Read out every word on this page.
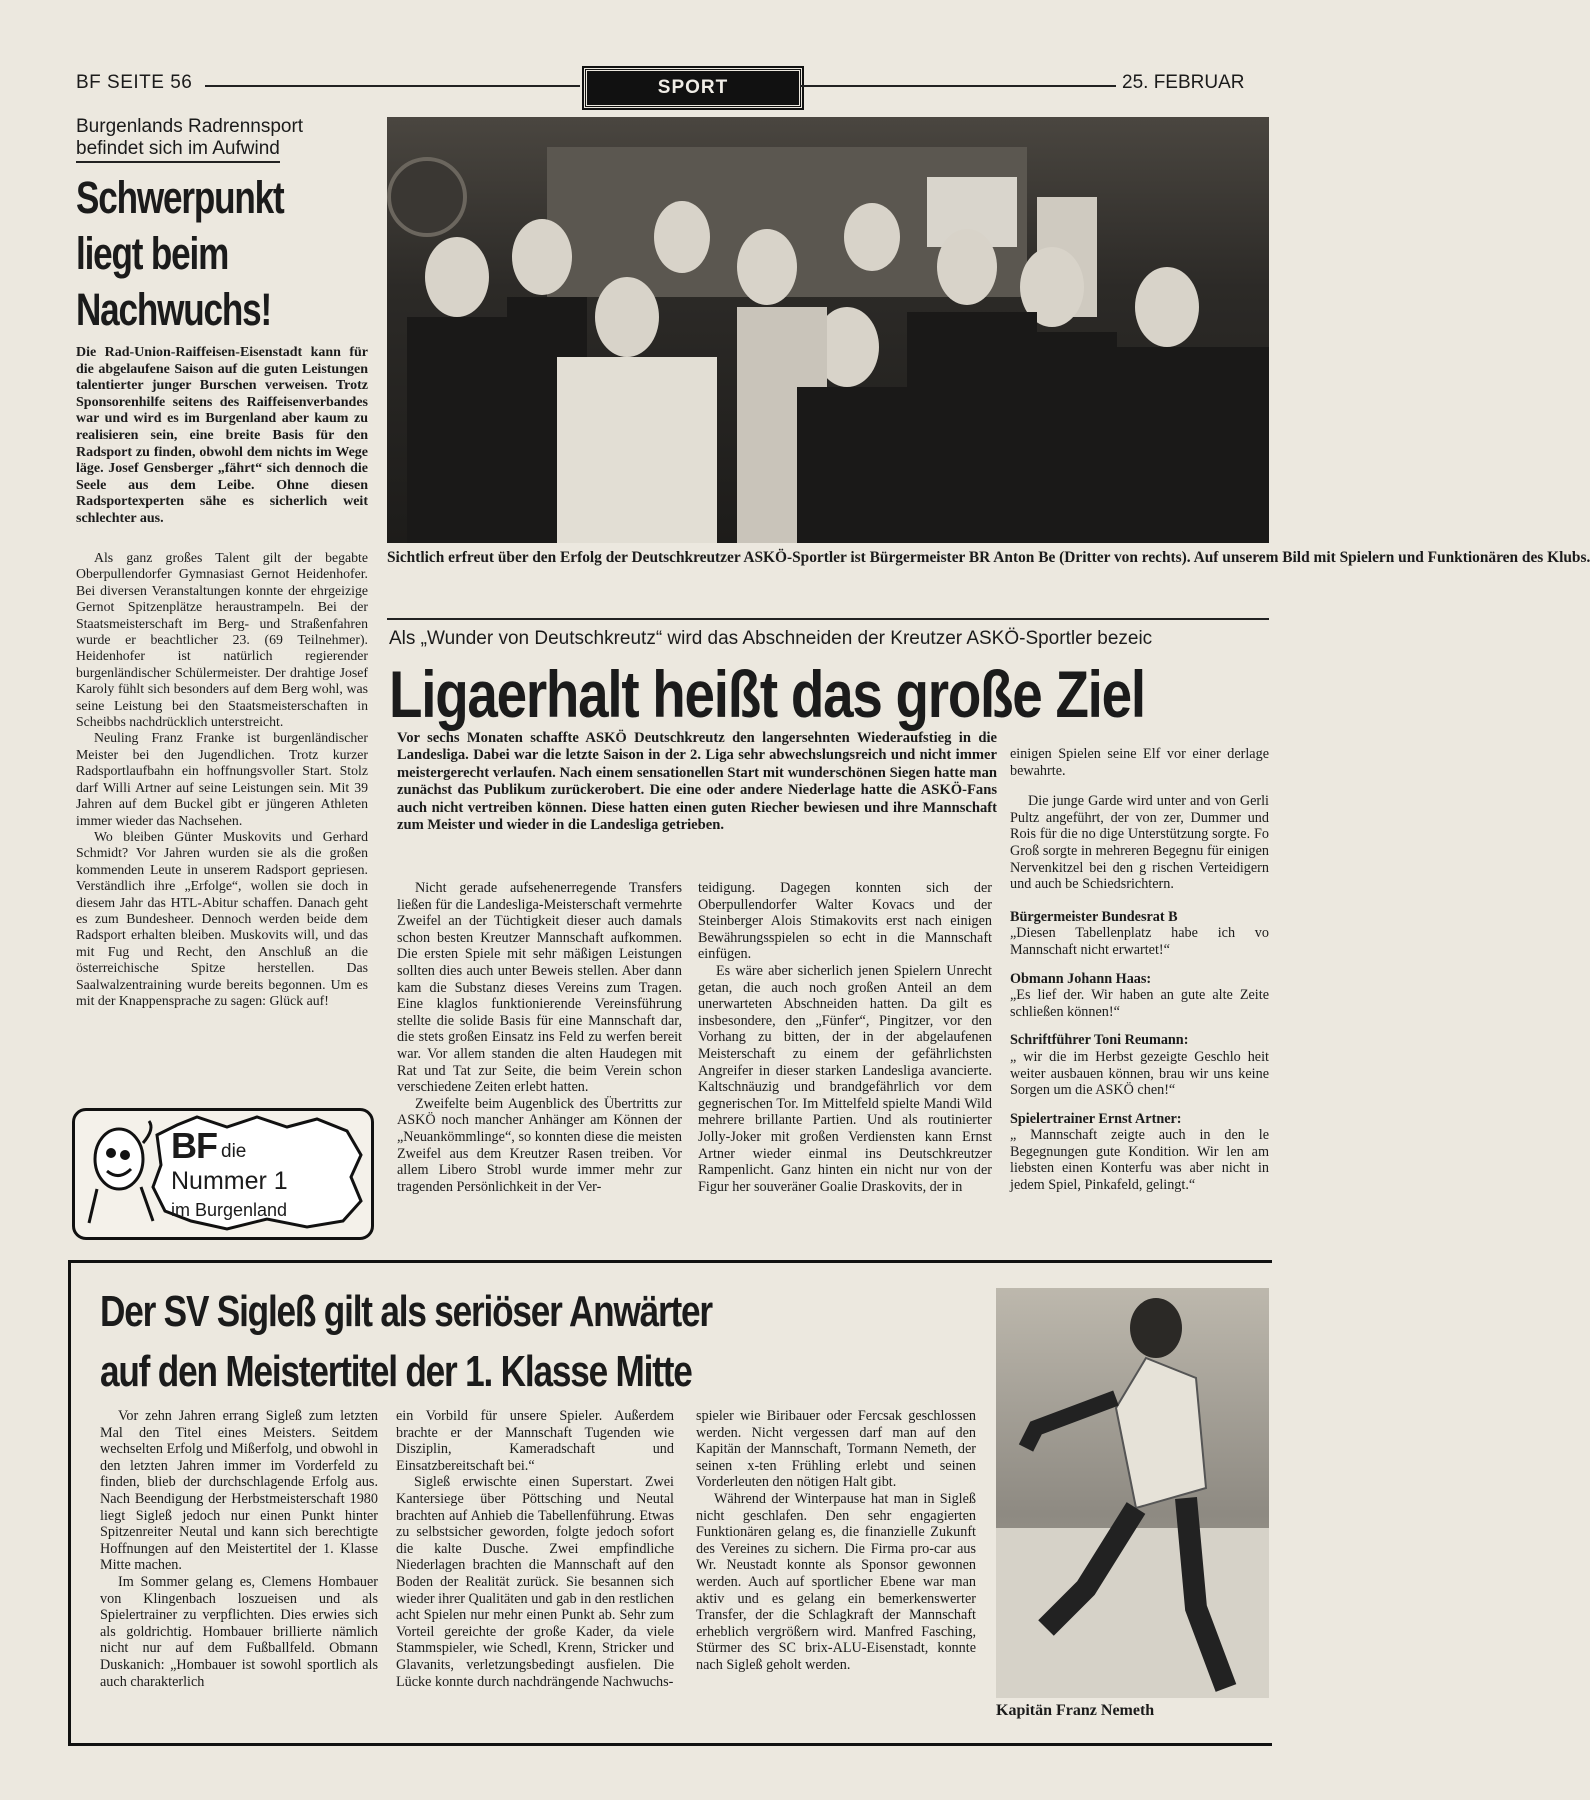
BF SEITE 56	SPORT	25. FEBRUAR
Burgenlands Radrennsport
befindet sich im Aufwind
Schwerpunkt
liegt beim
Nachwuchs!
Die Rad-Union-Raiffeisen-Eisenstadt kann für die abgelaufene Saison auf die guten Leistungen talentierter junger Burschen verweisen. Trotz Sponsorenhilfe seitens des Raiffeisenverbandes war und wird es im Burgenland aber kaum zu realisieren sein, eine breite Basis für den Radsport zu finden, obwohl dem nichts im Wege läge. Josef Gensberger „fährt“ sich dennoch die Seele aus dem Leibe. Ohne diesen Radsportexperten sähe es sicherlich weit schlechter aus.

Als ganz großes Talent gilt der begabte Oberpullendorfer Gymnasiast Gernot Heidenhofer. Bei diversen Veranstaltungen konnte der ehrgeizige Gernot Spitzenplätze heraustrampeln. Bei der Staatsmeisterschaft im Berg- und Straßenfahren wurde er beachtlicher 23. (69 Teilnehmer). Heidenhofer ist natürlich regierender burgenländischer Schülermeister. Der drahtige Josef Karoly fühlt sich besonders auf dem Berg wohl, was seine Leistung bei den Staatsmeisterschaften in Scheibbs nachdrücklich unterstreicht.

Neuling Franz Franke ist burgenländischer Meister bei den Jugendlichen. Trotz kurzer Radsportlaufbahn ein hoffnungsvoller Start. Stolz darf Willi Artner auf seine Leistungen sein. Mit 39 Jahren auf dem Buckel gibt er jüngeren Athleten immer wieder das Nachsehen.

Wo bleiben Günter Muskovits und Gerhard Schmidt? Vor Jahren wurden sie als die großen kommenden Leute in unserem Radsport gepriesen. Verständlich ihre „Erfolge“, wollen sie doch in diesem Jahr das HTL-Abitur schaffen. Danach geht es zum Bundesheer. Dennoch werden beide dem Radsport erhalten bleiben. Muskovits will, und das mit Fug und Recht, den Anschluß an die österreichische Spitze herstellen. Das Saalwalzentraining wurde bereits begonnen. Um es mit der Knappensprache zu sagen: Glück auf!

BF die
Nummer 1
im Burgenland
Sichtlich erfreut über den Erfolg der Deutschkreutzer ASKÖ-Sportler ist Bürgermeister BR Anton Be (Dritter von rechts). Auf unserem Bild mit Spielern und Funktionären des Klubs.
Als „Wunder von Deutschkreutz“ wird das Abschneiden der Kreutzer ASKÖ-Sportler bezeic
Ligaerhalt heißt das große Ziel
Vor sechs Monaten schaffte ASKÖ Deutschkreutz den langersehnten Wiederaufstieg in die Landesliga. Dabei war die letzte Saison in der 2. Liga sehr abwechslungsreich und nicht immer meistergerecht verlaufen. Nach einem sensationellen Start mit wunderschönen Siegen hatte man zunächst das Publikum zurückerobert. Die eine oder andere Niederlage hatte die ASKÖ-Fans auch nicht vertreiben können. Diese hatten einen guten Riecher bewiesen und ihre Mannschaft zum Meister und wieder in die Landesliga getrieben.

Nicht gerade aufsehenerregende Transfers ließen für die Landesliga-Meisterschaft vermehrte Zweifel an der Tüchtigkeit dieser auch damals schon besten Kreutzer Mannschaft aufkommen. Die ersten Spiele mit sehr mäßigen Leistungen sollten dies auch unter Beweis stellen. Aber dann kam die Substanz dieses Vereins zum Tragen. Eine klaglos funktionierende Vereinsführung stellte die solide Basis für eine Mannschaft dar, die stets großen Einsatz ins Feld zu werfen bereit war. Vor allem standen die alten Haudegen mit Rat und Tat zur Seite, die beim Verein schon verschiedene Zeiten erlebt hatten.

Zweifelte beim Augenblick des Übertritts zur ASKÖ noch mancher Anhänger am Können der „Neuankömmlinge“, so konnten diese die meisten Zweifel aus dem Kreutzer Rasen treiben. Vor allem Libero Strobl wurde immer mehr zur tragenden Persönlichkeit in der Ver-

teidigung. Dagegen konnten sich der Oberpullendorfer Walter Kovacs und der Steinberger Alois Stimakovits erst nach einigen Bewährungsspielen so echt in die Mannschaft einfügen.

Es wäre aber sicherlich jenen Spielern Unrecht getan, die auch noch großen Anteil an dem unerwarteten Abschneiden hatten. Da gilt es insbesondere, den „Fünfer“, Pingitzer, vor den Vorhang zu bitten, der in der abgelaufenen Meisterschaft zu einem der gefährlichsten Angreifer in dieser starken Landesliga avancierte. Kaltschnäuzig und brandgefährlich vor dem gegnerischen Tor. Im Mittelfeld spielte Mandi Wild mehrere brillante Partien. Und als routinierter Jolly-Joker mit großen Verdiensten kann Ernst Artner wieder einmal ins Deutschkreutzer Rampenlicht. Ganz hinten ein nicht nur von der Figur her souveräner Goalie Draskovits, der in

einigen Spielen seine Elf vor einer derlage bewahrte.

Die junge Garde wird unter and von Gerli Pultz angeführt, der von zer, Dummer und Rois für die no dige Unterstützung sorgte. Fo Groß sorgte in mehreren Begegnu für einigen Nervenkitzel bei den g rischen Verteidigern und auch be Schiedsrichtern.

Bürgermeister Bundesrat B
„Diesen Tabellenplatz habe ich vo Mannschaft nicht erwartet!“
Obmann Johann Haas:
„Es lief der. Wir haben an gute alte Zeite schließen können!“
Schriftführer Toni Reumann:
„ wir die im Herbst gezeigte Geschlo heit weiter ausbauen können, brau wir uns keine Sorgen um die ASKÖ chen!“
Spielertrainer Ernst Artner:
„ Mannschaft zeigte auch in den le Begegnungen gute Kondition. Wir len am liebsten einen Konterfu was aber nicht in jedem Spiel, Pinkafeld, gelingt.“
Der SV Sigleß gilt als seriöser Anwärter
auf den Meistertitel der 1. Klasse Mitte

Vor zehn Jahren errang Sigleß zum letzten Mal den Titel eines Meisters. Seitdem wechselten Erfolg und Mißerfolg, und obwohl in den letzten Jahren immer im Vorderfeld zu finden, blieb der durchschlagende Erfolg aus. Nach Beendigung der Herbstmeisterschaft 1980 liegt Sigleß jedoch nur einen Punkt hinter Spitzenreiter Neutal und kann sich berechtigte Hoffnungen auf den Meistertitel der 1. Klasse Mitte machen.

Im Sommer gelang es, Clemens Hombauer von Klingenbach loszueisen und als Spielertrainer zu verpflichten. Dies erwies sich als goldrichtig. Hombauer brillierte nämlich nicht nur auf dem Fußballfeld. Obmann Duskanich: „Hombauer ist sowohl sportlich als auch charakterlich

ein Vorbild für unsere Spieler. Außerdem brachte er der Mannschaft Tugenden wie Disziplin, Kameradschaft und Einsatzbereitschaft bei.“

Sigleß erwischte einen Superstart. Zwei Kantersiege über Pöttsching und Neutal brachten auf Anhieb die Tabellenführung. Etwas zu selbstsicher geworden, folgte jedoch sofort die kalte Dusche. Zwei empfindliche Niederlagen brachten die Mannschaft auf den Boden der Realität zurück. Sie besannen sich wieder ihrer Qualitäten und gab in den restlichen acht Spielen nur mehr einen Punkt ab. Sehr zum Vorteil gereichte der große Kader, da viele Stammspieler, wie Schedl, Krenn, Stricker und Glavanits, verletzungsbedingt ausfielen. Die Lücke konnte durch nachdrängende Nachwuchs-

spieler wie Biribauer oder Fercsak geschlossen werden. Nicht vergessen darf man auf den Kapitän der Mannschaft, Tormann Nemeth, der seinen x-ten Frühling erlebt und seinen Vorderleuten den nötigen Halt gibt.

Während der Winterpause hat man in Sigleß nicht geschlafen. Den sehr engagierten Funktionären gelang es, die finanzielle Zukunft des Vereines zu sichern. Die Firma pro-car aus Wr. Neustadt konnte als Sponsor gewonnen werden. Auch auf sportlicher Ebene war man aktiv und es gelang ein bemerkenswerter Transfer, der die Schlagkraft der Mannschaft erheblich vergrößern wird. Manfred Fasching, Stürmer des SC brix-ALU-Eisenstadt, konnte nach Sigleß geholt werden.

Kapitän Franz Nemeth
